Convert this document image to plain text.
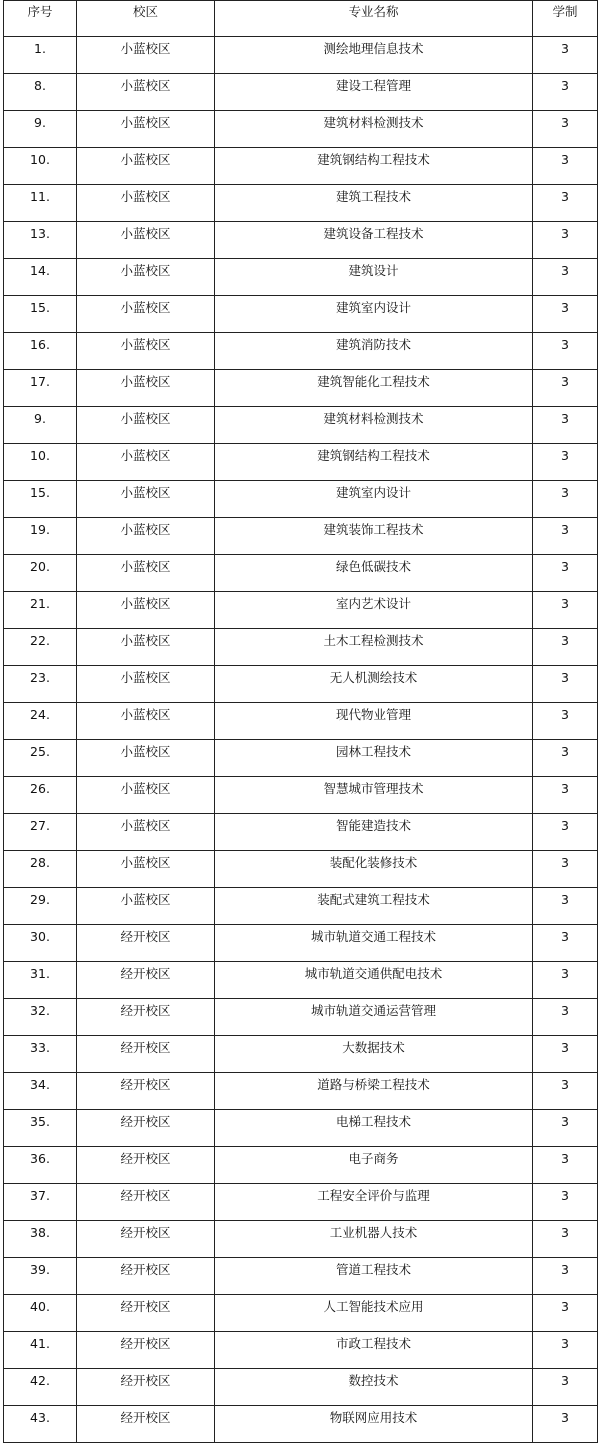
序号	校区	专业名称	学制
1.	小蓝校区	测绘地理信息技术	3
8.	小蓝校区	建设工程管理	3
9.	小蓝校区	建筑材料检测技术	3
10.	小蓝校区	建筑钢结构工程技术	3
11.	小蓝校区	建筑工程技术	3
13.	小蓝校区	建筑设备工程技术	3
14.	小蓝校区	建筑设计	3
15.	小蓝校区	建筑室内设计	3
16.	小蓝校区	建筑消防技术	3
17.	小蓝校区	建筑智能化工程技术	3
9.	小蓝校区	建筑材料检测技术	3
10.	小蓝校区	建筑钢结构工程技术	3
15.	小蓝校区	建筑室内设计	3
19.	小蓝校区	建筑装饰工程技术	3
20.	小蓝校区	绿色低碳技术	3
21.	小蓝校区	室内艺术设计	3
22.	小蓝校区	土木工程检测技术	3
23.	小蓝校区	无人机测绘技术	3
24.	小蓝校区	现代物业管理	3
25.	小蓝校区	园林工程技术	3
26.	小蓝校区	智慧城市管理技术	3
27.	小蓝校区	智能建造技术	3
28.	小蓝校区	装配化装修技术	3
29.	小蓝校区	装配式建筑工程技术	3
30.	经开校区	城市轨道交通工程技术	3
31.	经开校区	城市轨道交通供配电技术	3
32.	经开校区	城市轨道交通运营管理	3
33.	经开校区	大数据技术	3
34.	经开校区	道路与桥梁工程技术	3
35.	经开校区	电梯工程技术	3
36.	经开校区	电子商务	3
37.	经开校区	工程安全评价与监理	3
38.	经开校区	工业机器人技术	3
39.	经开校区	管道工程技术	3
40.	经开校区	人工智能技术应用	3
41.	经开校区	市政工程技术	3
42.	经开校区	数控技术	3
43.	经开校区	物联网应用技术	3
